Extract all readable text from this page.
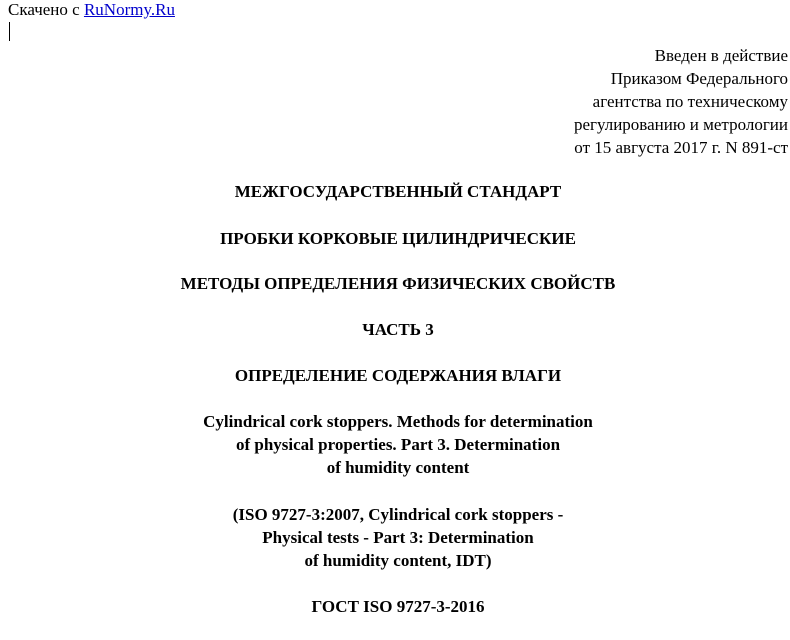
Скачено с RuNormy.Ru
Введен в действие
Приказом Федерального
агентства по техническому
регулированию и метрологии
от 15 августа 2017 г. N 891-ст
МЕЖГОСУДАРСТВЕННЫЙ СТАНДАРТ
ПРОБКИ КОРКОВЫЕ ЦИЛИНДРИЧЕСКИЕ
МЕТОДЫ ОПРЕДЕЛЕНИЯ ФИЗИЧЕСКИХ СВОЙСТВ
ЧАСТЬ 3
ОПРЕДЕЛЕНИЕ СОДЕРЖАНИЯ ВЛАГИ
Cylindrical cork stoppers. Methods for determination
of physical properties. Part 3. Determination
of humidity content
(ISO 9727-3:2007, Cylindrical cork stoppers -
Physical tests - Part 3: Determination
of humidity content, IDT)
ГОСТ ISO 9727-3-2016
